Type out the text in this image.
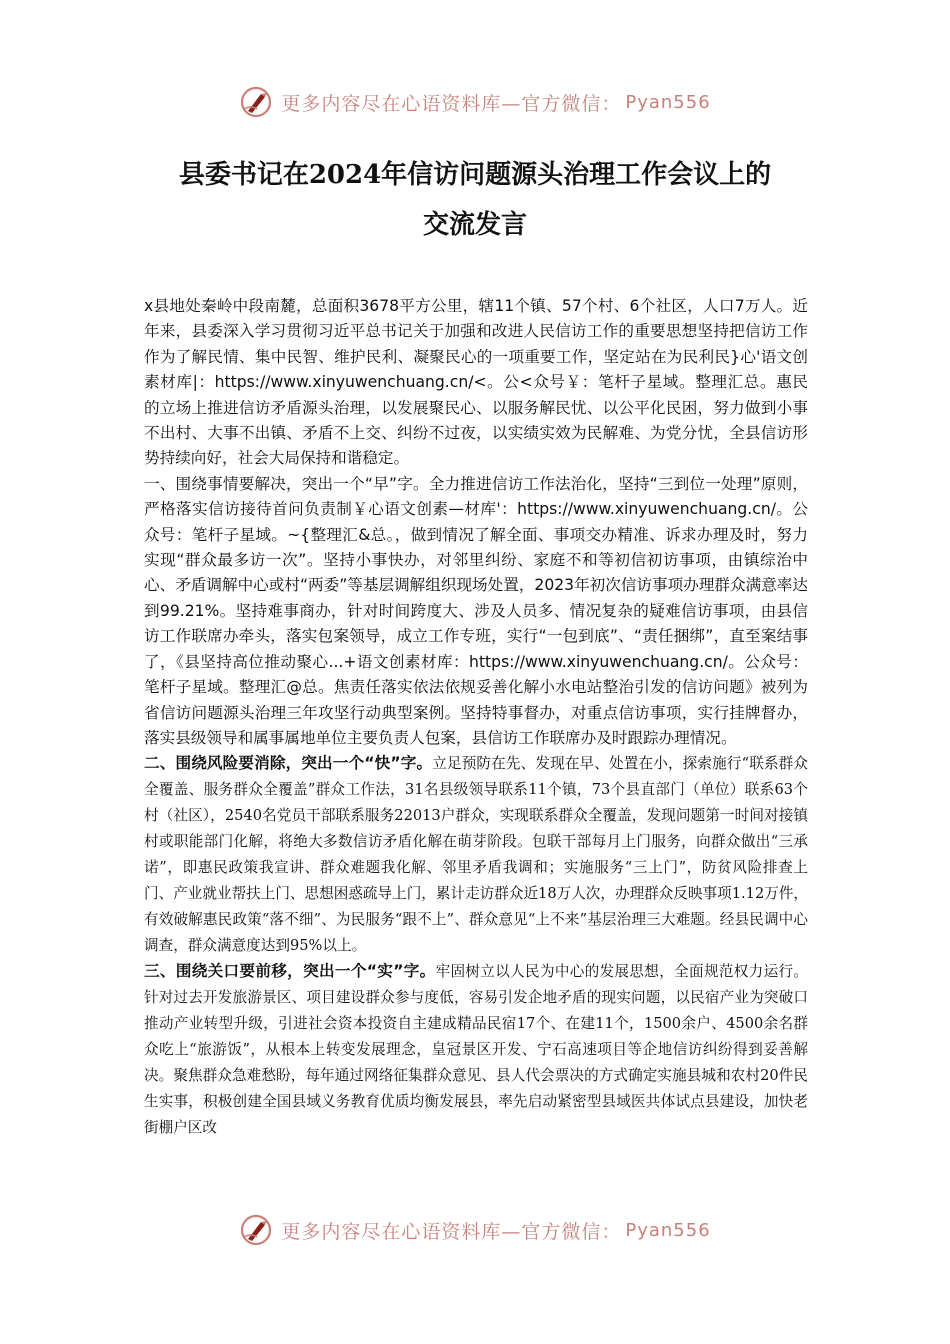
更多内容尽在心语资料库—官方微信： Pyan556
县委书记在2024年信访问题源头治理工作会议上的
交流发言

x县地处秦岭中段南麓，总面积3678平方公里，辖11个镇、57个村、6个社区，人口7万人。近年来，县委深入学习贯彻习近平总书记关于加强和改进人民信访工作的重要思想坚持把信访工作作为了解民情、集中民智、维护民利、凝聚民心的一项重要工作，坚定站在为民利民}心'语文创素材库|：https://www.xinyuwenchuang.cn/<。公<众号￥：笔杆子星域。整理汇总。惠民的立场上推进信访矛盾源头治理，以发展聚民心、以服务解民忧、以公平化民困，努力做到小事不出村、大事不出镇、矛盾不上交、纠纷不过夜，以实绩实效为民解难、为党分忧，全县信访形势持续向好，社会大局保持和谐稳定。

一、围绕事情要解决，突出一个“早”字。全力推进信访工作法治化，坚持“三到位一处理”原则，严格落实信访接待首问负责制￥心语文创素—材库'：https://www.xinyuwenchuang.cn/。公众号：笔杆子星域。~{整理汇&总。，做到情况了解全面、事项交办精准、诉求办理及时，努力实现“群众最多访一次”。坚持小事快办，对邻里纠纷、家庭不和等初信初访事项，由镇综治中心、矛盾调解中心或村“两委”等基层调解组织现场处置，2023年初次信访事项办理群众满意率达到99.21%。坚持难事商办，针对时间跨度大、涉及人员多、情况复杂的疑难信访事项，由县信访工作联席办牵头，落实包案领导，成立工作专班，实行“一包到底”、“责任捆绑”，直至案结事了，《县坚持高位推动聚心...+语文创素材库：https://www.xinyuwenchuang.cn/。公众号：笔杆子星域。整理汇@总。焦责任落实依法依规妥善化解小水电站整治引发的信访问题》被列为省信访问题源头治理三年攻坚行动典型案例。坚持特事督办，对重点信访事项，实行挂牌督办，落实县级领导和属事属地单位主要负责人包案，县信访工作联席办及时跟踪办理情况。

二、围绕风险要消除，突出一个“快”字。立足预防在先、发现在早、处置在小，探索施行“联系群众全覆盖、服务群众全覆盖”群众工作法，31名县级领导联系11个镇，73个县直部门（单位）联系63个村（社区），2540名党员干部联系服务22013户群众，实现联系群众全覆盖，发现问题第一时间对接镇村或职能部门化解，将绝大多数信访矛盾化解在萌芽阶段。包联干部每月上门服务，向群众做出“三承诺”，即惠民政策我宣讲、群众难题我化解、邻里矛盾我调和；实施服务“三上门”，防贫风险排查上门、产业就业帮扶上门、思想困惑疏导上门，累计走访群众近18万人次，办理群众反映事项1.12万件，有效破解惠民政策“落不细”、为民服务“跟不上”、群众意见“上不来”基层治理三大难题。经县民调中心调查，群众满意度达到95%以上。

三、围绕关口要前移，突出一个“实”字。牢固树立以人民为中心的发展思想，全面规范权力运行。针对过去开发旅游景区、项目建设群众参与度低，容易引发企地矛盾的现实问题，以民宿产业为突破口推动产业转型升级，引进社会资本投资自主建成精品民宿17个、在建11个，1500余户、4500余名群众吃上“旅游饭”，从根本上转变发展理念，皇冠景区开发、宁石高速项目等企地信访纠纷得到妥善解决。聚焦群众急难愁盼，每年通过网络征集群众意见、县人代会票决的方式确定实施县城和农村20件民生实事，积极创建全国县域义务教育优质均衡发展县，率先启动紧密型县域医共体试点县建设，加快老街棚户区改

更多内容尽在心语资料库—官方微信： Pyan556
